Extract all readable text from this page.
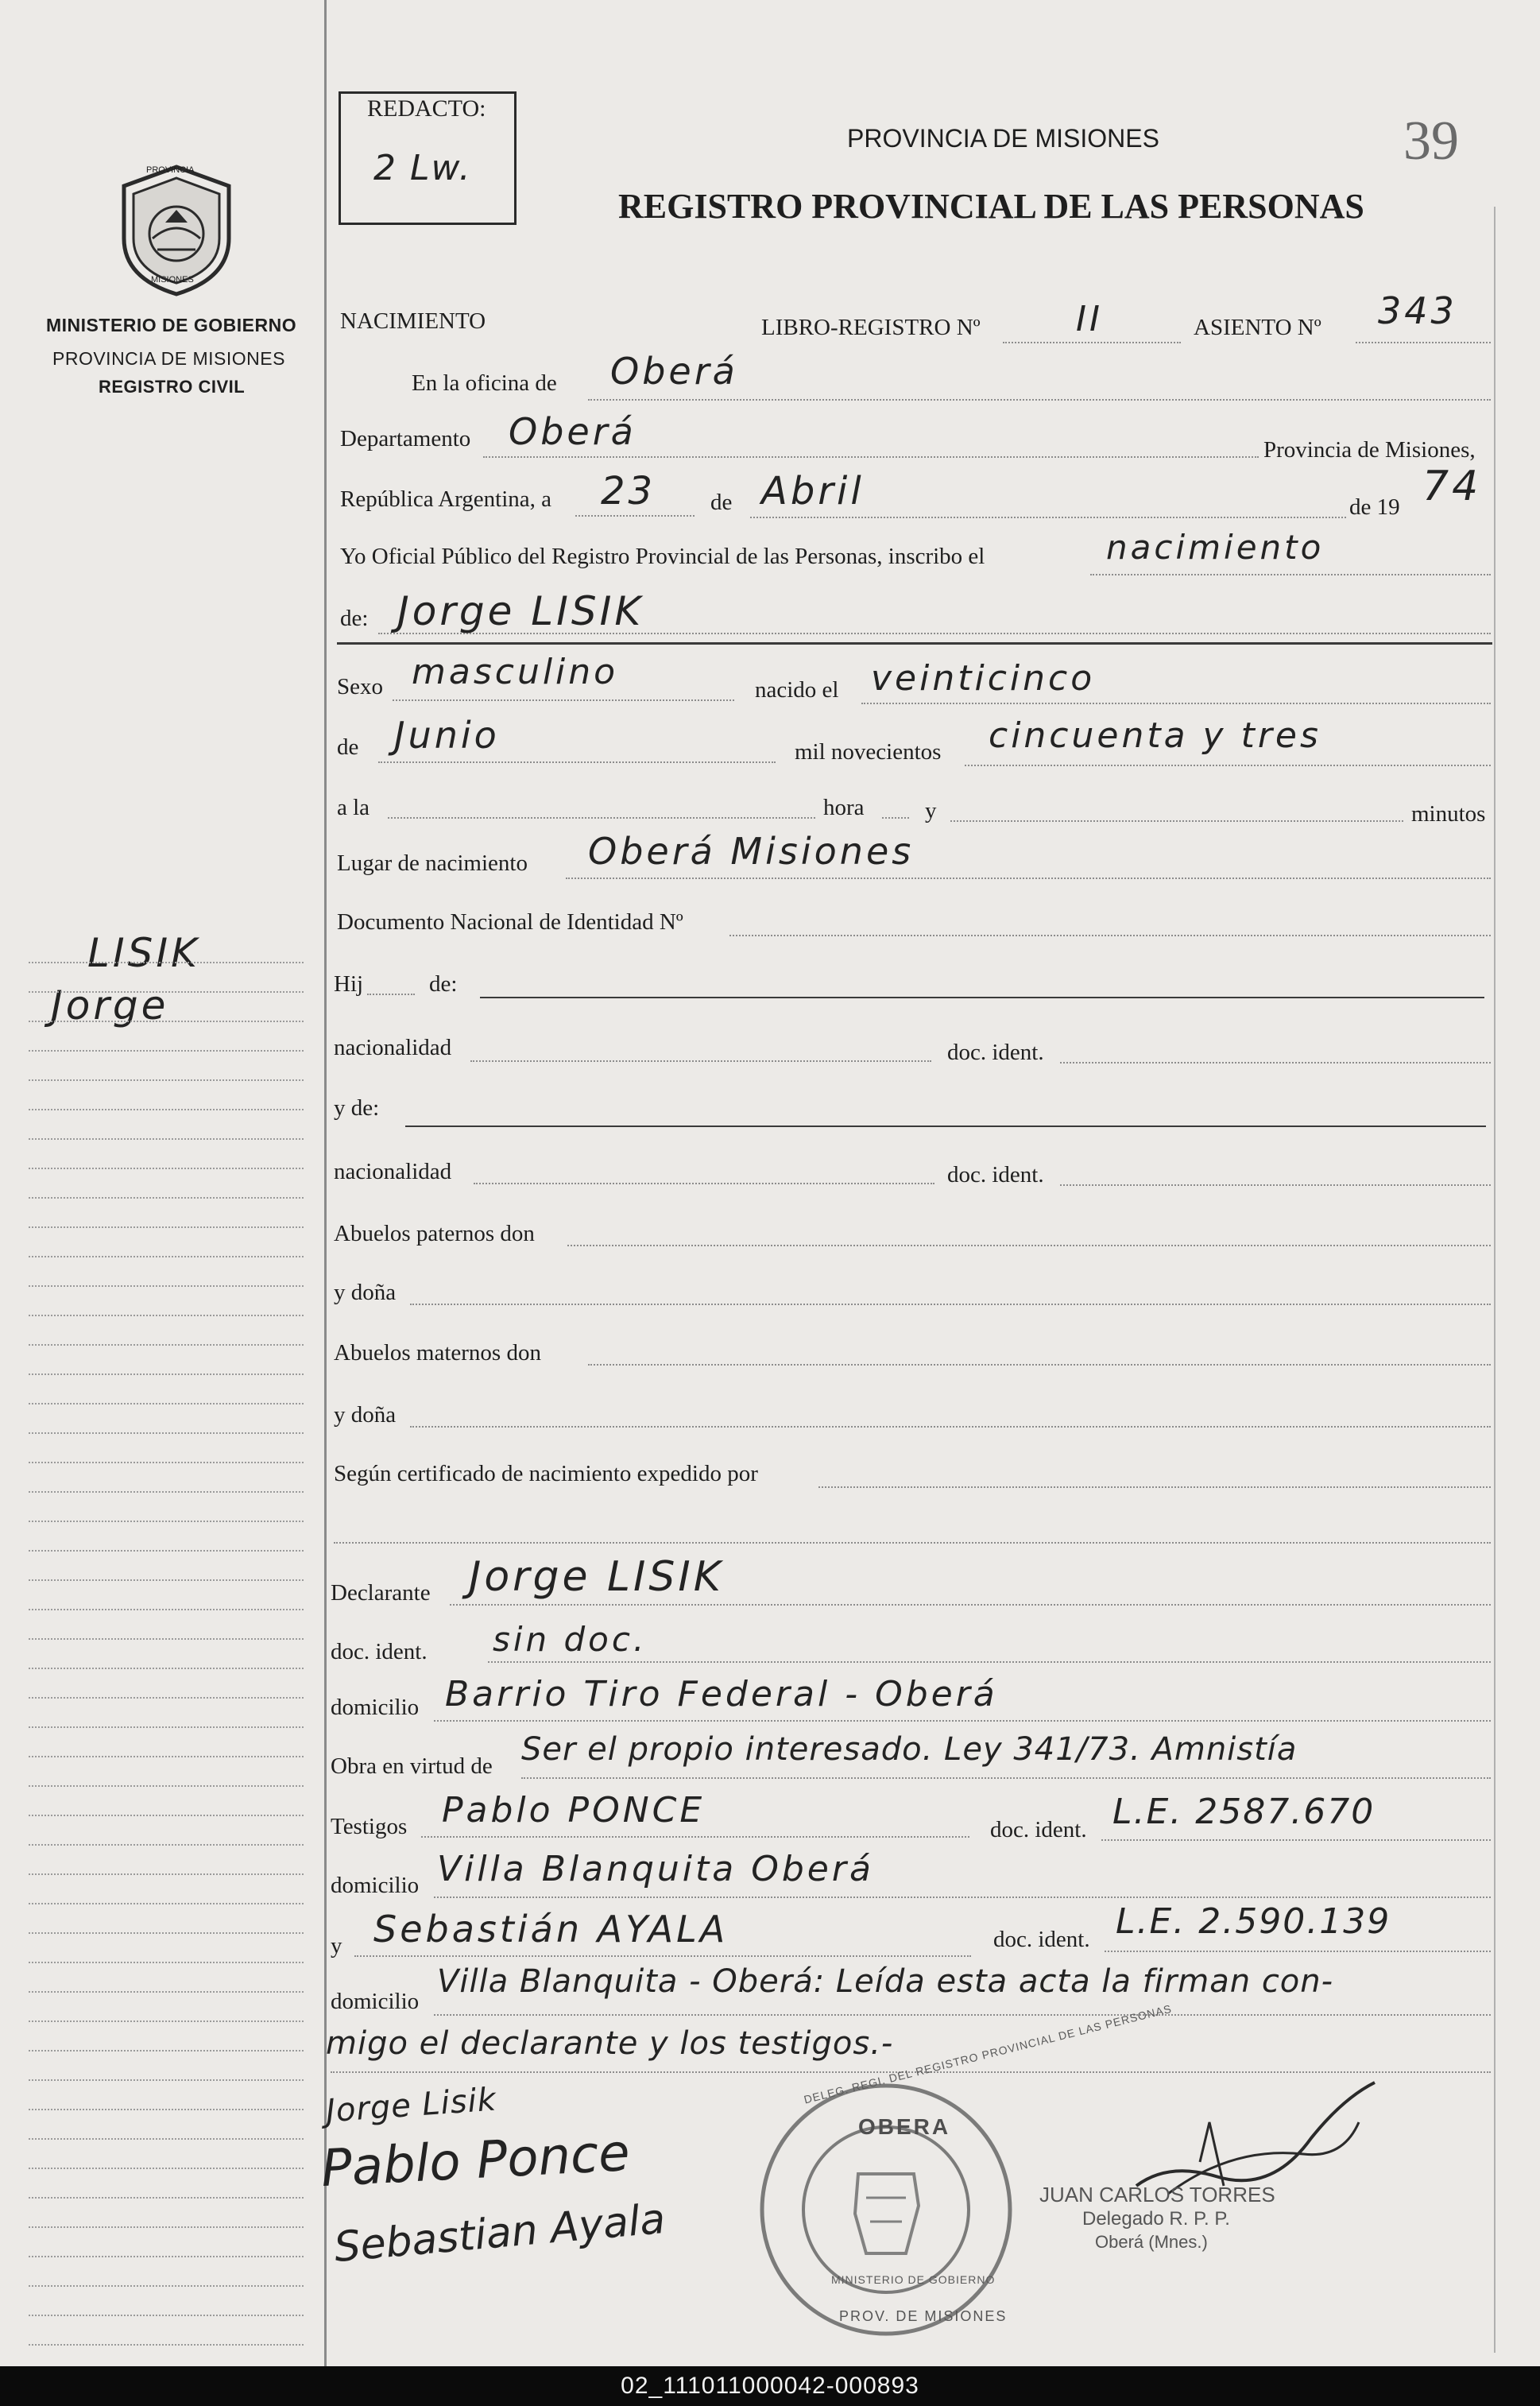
PROVINCIA
MISIONES
MINISTERIO DE GOBIERNO
PROVINCIA DE MISIONES
REGISTRO CIVIL
LISIK
Jorge
REDACTO:
2 Lw.
PROVINCIA DE MISIONES
REGISTRO PROVINCIAL DE LAS PERSONAS
39
NACIMIENTO	LIBRO-REGISTRO Nº	II	ASIENTO Nº 343
En la oficina de Oberá
Departamento Oberá	Provincia de Misiones,
República Argentina, a 23 de Abril	de 19 74
Yo Oficial Público del Registro Provincial de las Personas, inscribo el	nacimiento
de: Jorge LISIK
Sexo masculino	nacido el veinticinco
de Junio	mil novecientos cincuenta y tres
a la	hora	y	minutos
Lugar de nacimiento Oberá Misiones
Documento Nacional de Identidad Nº
Hij	de:
nacionalidad	doc. ident.
y de:
nacionalidad	doc. ident.
Abuelos paternos don
y doña
Abuelos maternos don
y doña
Según certificado de nacimiento expedido por
Declarante Jorge LISIK
doc. ident. sin doc.
domicilio Barrio Tiro Federal - Oberá
Obra en virtud de Ser el propio interesado. Ley 341/73. Amnistía
Testigos Pablo PONCE	doc. ident. L.E. 2587.670
domicilio Villa Blanquita Oberá
y Sebastián AYALA	doc. ident. L.E. 2.590.139
domicilio
Villa Blanquita - Oberá: Leída esta acta la firman con-
migo el declarante y los testigos.-
Jorge Lisik
Pablo Ponce
Sebastian Ayala
OBERA
DELEG. REGI. DEL REGISTRO PROVINCIAL DE LAS PERSONAS
MINISTERIO DE GOBIERNO
PROV. DE MISIONES
JUAN CARLOS TORRES
Delegado R. P. P.
Oberá (Mnes.)
02_111011000042-000893
